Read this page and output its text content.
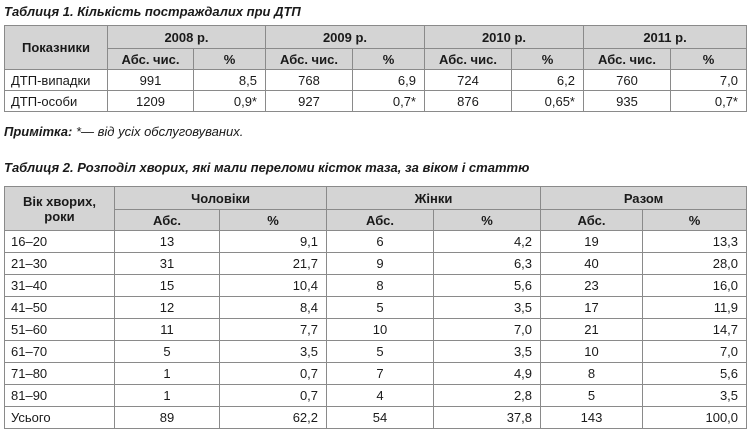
Таблиця 1. Кількість постраждалих при ДТП
Показники	2008 р.		2009 р.		2010 р.		2011 р.	
	Абс. чис.	%	Абс. чис.	%	Абс. чис.	%	Абс. чис.	%
ДТП-випадки	991	8,5	768	6,9	724	6,2	760	7,0
ДТП-особи	1209	0,9*	927	0,7*	876	0,65*	935	0,7*
Примітка: *— від усіх обслуговуваних.
Таблиця 2. Розподіл хворих, які мали переломи кісток таза, за віком і статтю
Вік хворих, роки	Чоловіки		Жінки		Разом	
	Абс.	%	Абс.	%	Абс.	%
16–20	13	9,1	6	4,2	19	13,3
21–30	31	21,7	9	6,3	40	28,0
31–40	15	10,4	8	5,6	23	16,0
41–50	12	8,4	5	3,5	17	11,9
51–60	11	7,7	10	7,0	21	14,7
61–70	5	3,5	5	3,5	10	7,0
71–80	1	0,7	7	4,9	8	5,6
81–90	1	0,7	4	2,8	5	3,5
Усього	89	62,2	54	37,8	143	100,0
